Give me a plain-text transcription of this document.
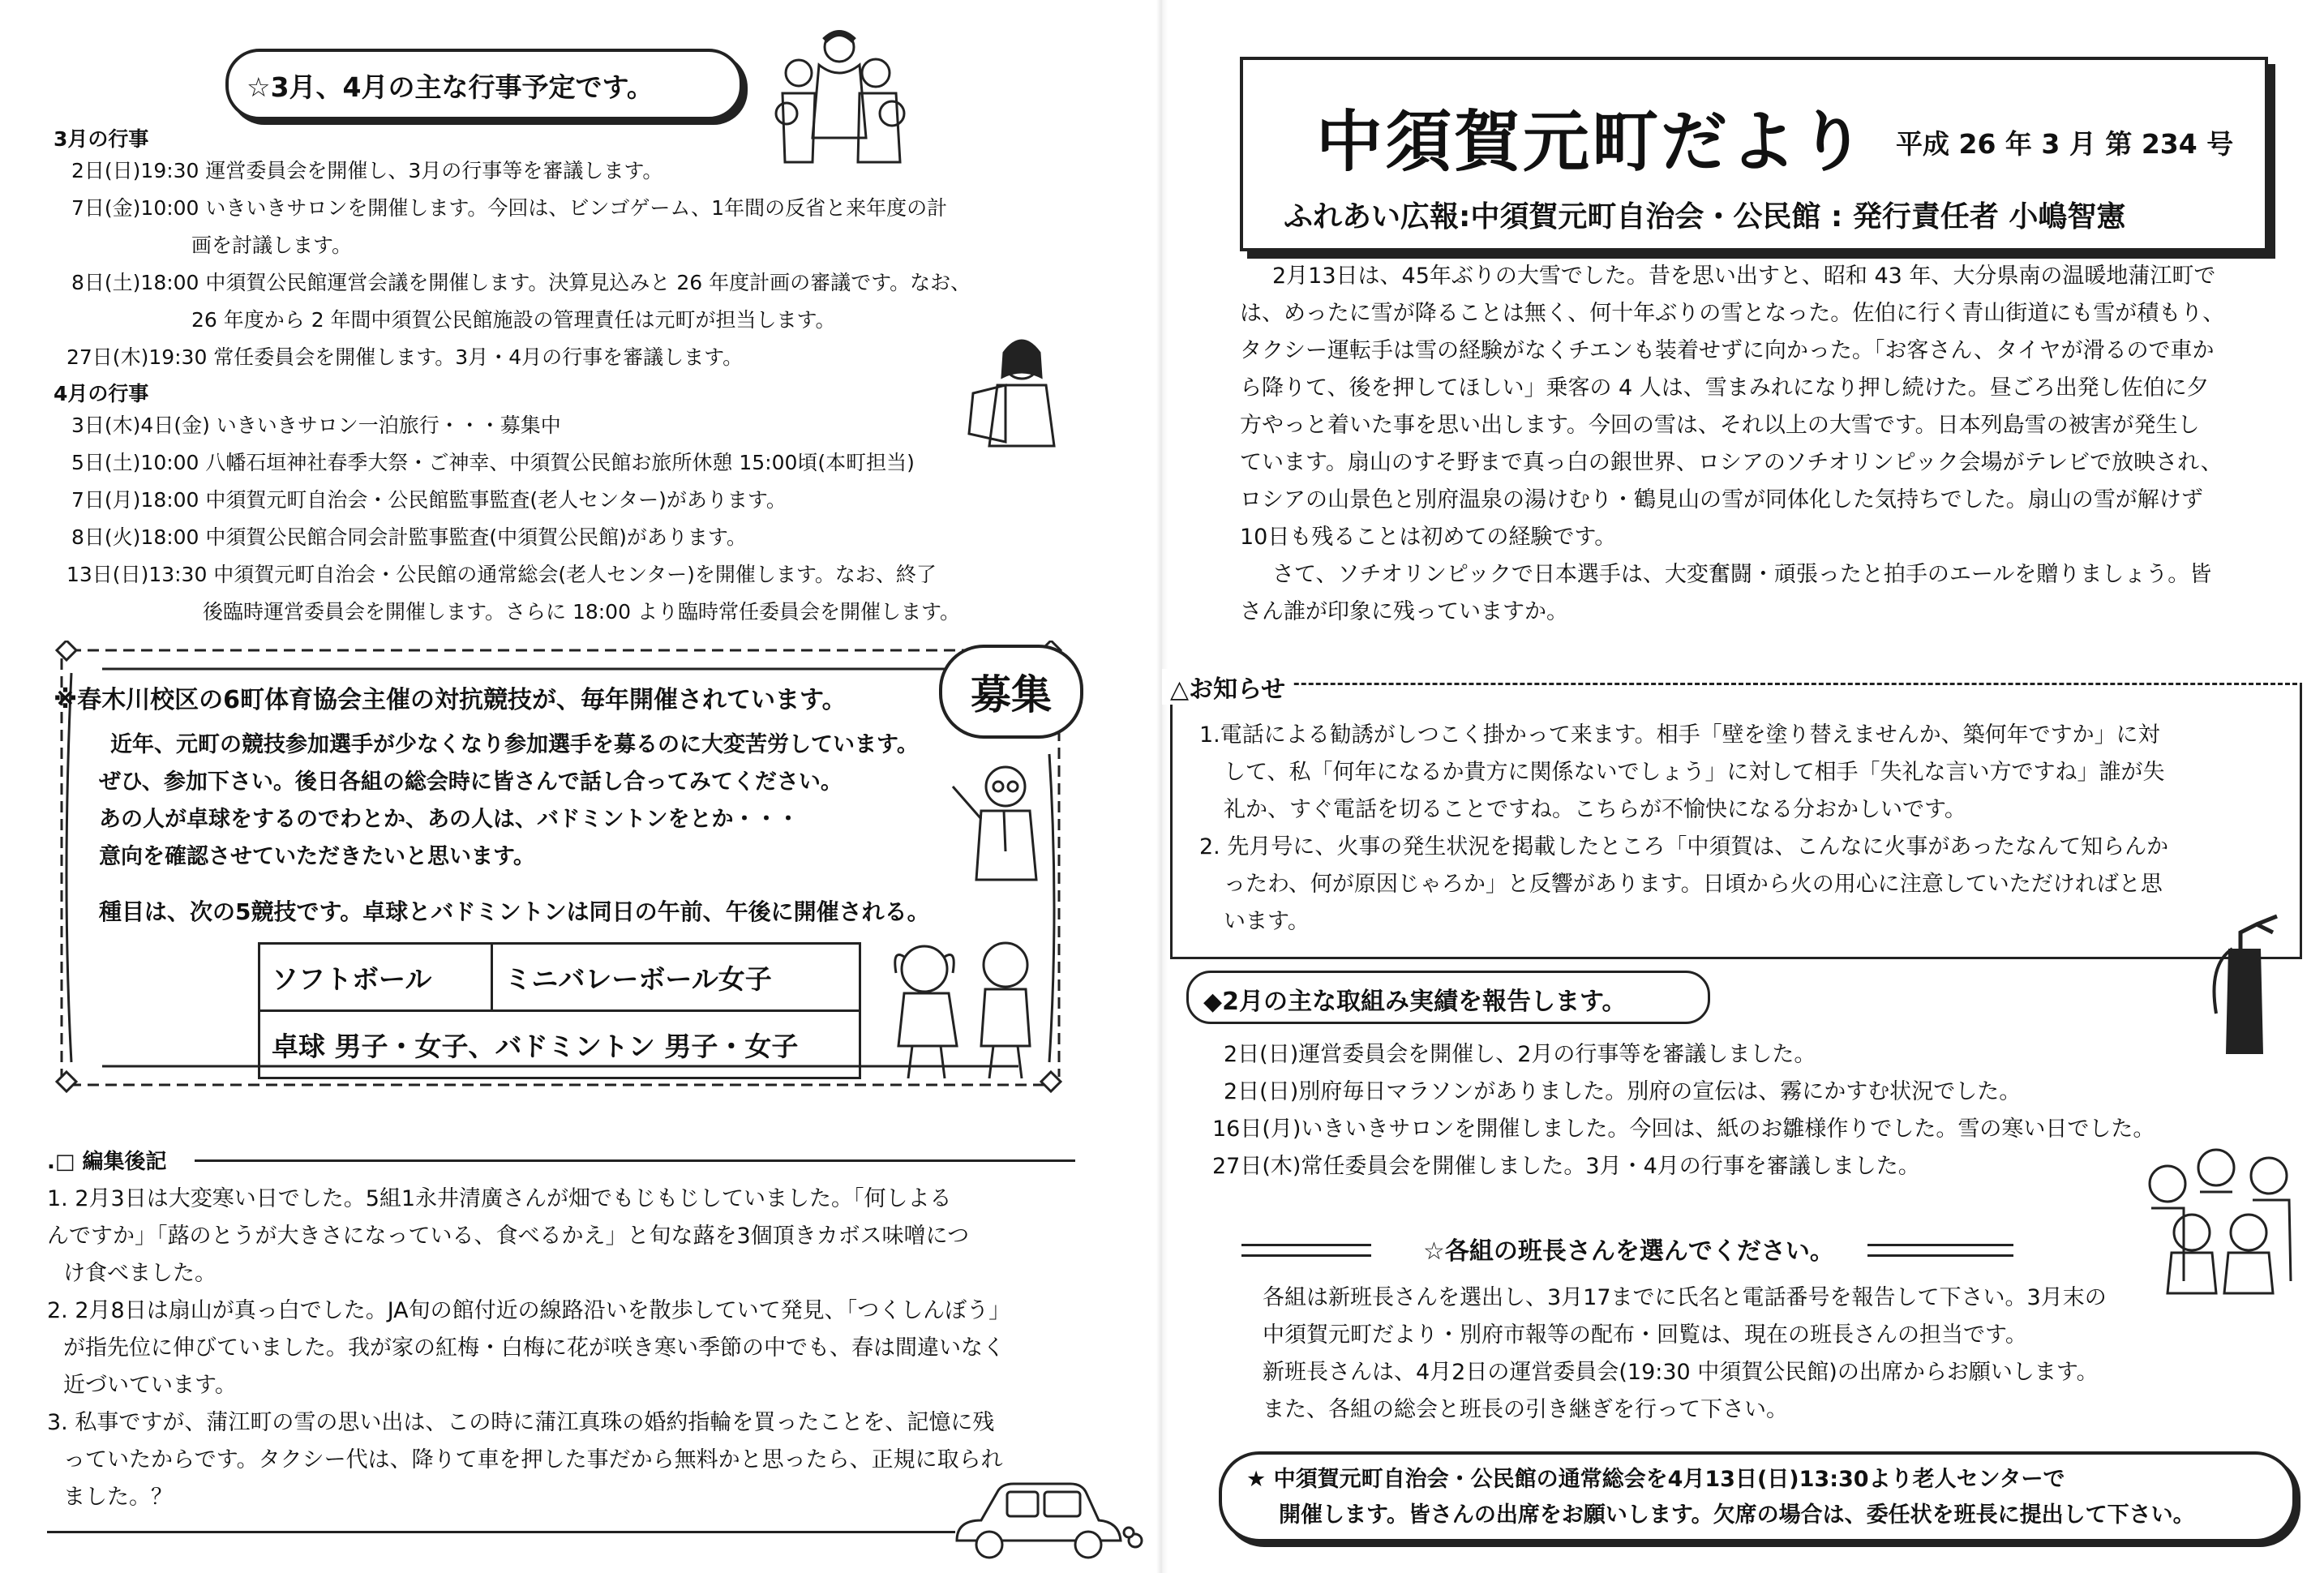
☆3月、4月の主な行事予定です。

3月の行事

2日(日)19:30 運営委員会を開催し、3月の行事等を審議します。

7日(金)10:00 いきいきサロンを開催します。今回は、ビンゴゲーム、1年間の反省と来年度の計

画を討議します。

8日(土)18:00 中須賀公民館運営会議を開催します。決算見込みと 26 年度計画の審議です。なお、

26 年度から 2 年間中須賀公民館施設の管理責任は元町が担当します。

27日(木)19:30 常任委員会を開催します。3月・4月の行事を審議します。

4月の行事

3日(木)4日(金) いきいきサロン一泊旅行・・・募集中

5日(土)10:00 八幡石垣神社春季大祭・ご神幸、中須賀公民館お旅所休憩 15:00頃(本町担当)

7日(月)18:00 中須賀元町自治会・公民館監事監査(老人センター)があります。

8日(火)18:00 中須賀公民館合同会計監事監査(中須賀公民館)があります。

13日(日)13:30 中須賀元町自治会・公民館の通常総会(老人センター)を開催します。なお、終了

後臨時運営委員会を開催します。さらに 18:00 より臨時常任委員会を開催します。

※春木川校区の6町体育協会主催の対抗競技が、毎年開催されています。	募集

近年、元町の競技参加選手が少なくなり参加選手を募るのに大変苦労しています。

ぜひ、参加下さい。後日各組の総会時に皆さんで話し合ってみてください。

あの人が卓球をするのでわとか、あの人は、バドミントンをとか・・・

意向を確認させていただきたいと思います。

種目は、次の5競技です。卓球とバドミントンは同日の午前、午後に開催される。

ソフトボール	ミニバレーボール女子
卓球 男子・女子、バドミントン 男子・女子

.□ 編集後記

1. 2月3日は大変寒い日でした。5組1永井清廣さんが畑でもじもじしていました。「何しよる

んですか」「蕗のとうが大きさになっている、食べるかえ」と旬な蕗を3個頂きカボス味噌につ

け食べました。

2. 2月8日は扇山が真っ白でした。JA旬の館付近の線路沿いを散歩していて発見、「つくしんぼう」

が指先位に伸びていました。我が家の紅梅・白梅に花が咲き寒い季節の中でも、春は間違いなく

近づいています。

3. 私事ですが、蒲江町の雪の思い出は、この時に蒲江真珠の婚約指輪を買ったことを、記憶に残

っていたからです。タクシー代は、降りて車を押した事だから無料かと思ったら、正規に取られ

ました。？

中須賀元町だより 平成 26 年 3 月 第 234 号
ふれあい広報:中須賀元町自治会・公民館 : 発行責任者 小嶋智憲

2月13日は、45年ぶりの大雪でした。昔を思い出すと、昭和 43 年、大分県南の温暖地蒲江町で

は、めったに雪が降ることは無く、何十年ぶりの雪となった。佐伯に行く青山街道にも雪が積もり、

タクシー運転手は雪の経験がなくチエンも装着せずに向かった。「お客さん、タイヤが滑るので車か

ら降りて、後を押してほしい」乗客の 4 人は、雪まみれになり押し続けた。昼ごろ出発し佐伯に夕

方やっと着いた事を思い出します。今回の雪は、それ以上の大雪です。日本列島雪の被害が発生し

ています。扇山のすそ野まで真っ白の銀世界、ロシアのソチオリンピック会場がテレビで放映され、

ロシアの山景色と別府温泉の湯けむり・鶴見山の雪が同体化した気持ちでした。扇山の雪が解けず

10日も残ることは初めての経験です。

さて、ソチオリンピックで日本選手は、大変奮闘・頑張ったと拍手のエールを贈りましょう。皆

さん誰が印象に残っていますか。

△お知らせ

1.電話による勧誘がしつこく掛かって来ます。相手「壁を塗り替えませんか、築何年ですか」に対

して、私「何年になるか貴方に関係ないでしょう」に対して相手「失礼な言い方ですね」誰が失

礼か、すぐ電話を切ることですね。こちらが不愉快になる分おかしいです。

2. 先月号に、火事の発生状況を掲載したところ「中須賀は、こんなに火事があったなんて知らんか

ったわ、何が原因じゃろか」と反響があります。日頃から火の用心に注意していただければと思

います。

◆2月の主な取組み実績を報告します。

2日(日)運営委員会を開催し、2月の行事等を審議しました。

2日(日)別府毎日マラソンがありました。別府の宣伝は、霧にかすむ状況でした。

16日(月)いきいきサロンを開催しました。今回は、紙のお雛様作りでした。雪の寒い日でした。

27日(木)常任委員会を開催しました。3月・4月の行事を審議しました。

☆各組の班長さんを選んでください。

各組は新班長さんを選出し、3月17までに氏名と電話番号を報告して下さい。3月末の

中須賀元町だより・別府市報等の配布・回覧は、現在の班長さんの担当です。

新班長さんは、4月2日の運営委員会(19:30 中須賀公民館)の出席からお願いします。

また、各組の総会と班長の引き継ぎを行って下さい。

★ 中須賀元町自治会・公民館の通常総会を4月13日(日)13:30より老人センターで

開催します。皆さんの出席をお願いします。欠席の場合は、委任状を班長に提出して下さい。
